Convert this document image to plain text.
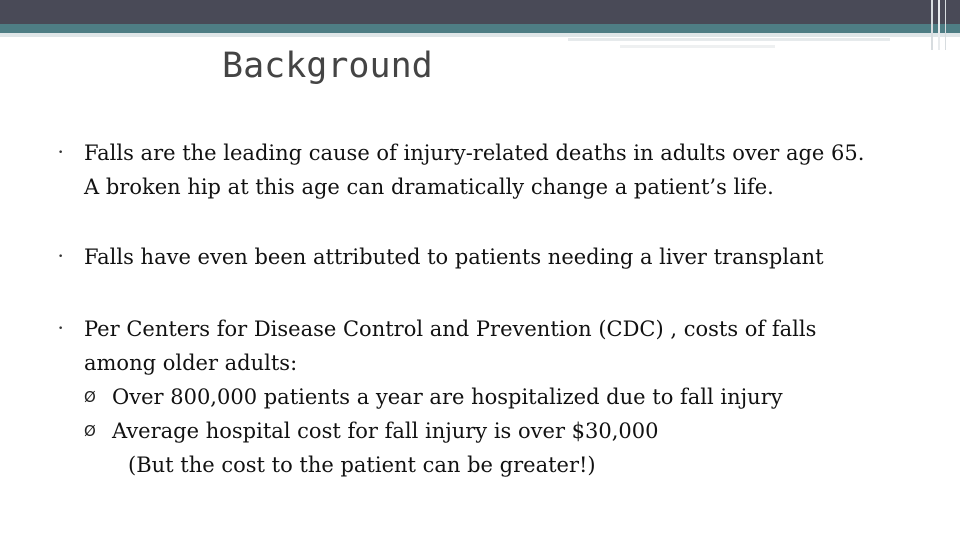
Background
• Falls are the leading cause of injury-related deaths in adults over age 65.
A broken hip at this age can dramatically change a patient’s life.
• Falls have even been attributed to patients needing a liver transplant
• Per Centers for Disease Control and Prevention (CDC) , costs of falls
among older adults:
Ø Over 800,000 patients a year are hospitalized due to fall injury
Ø Average hospital cost for fall injury is over $30,000
(But the cost to the patient can be greater!)
